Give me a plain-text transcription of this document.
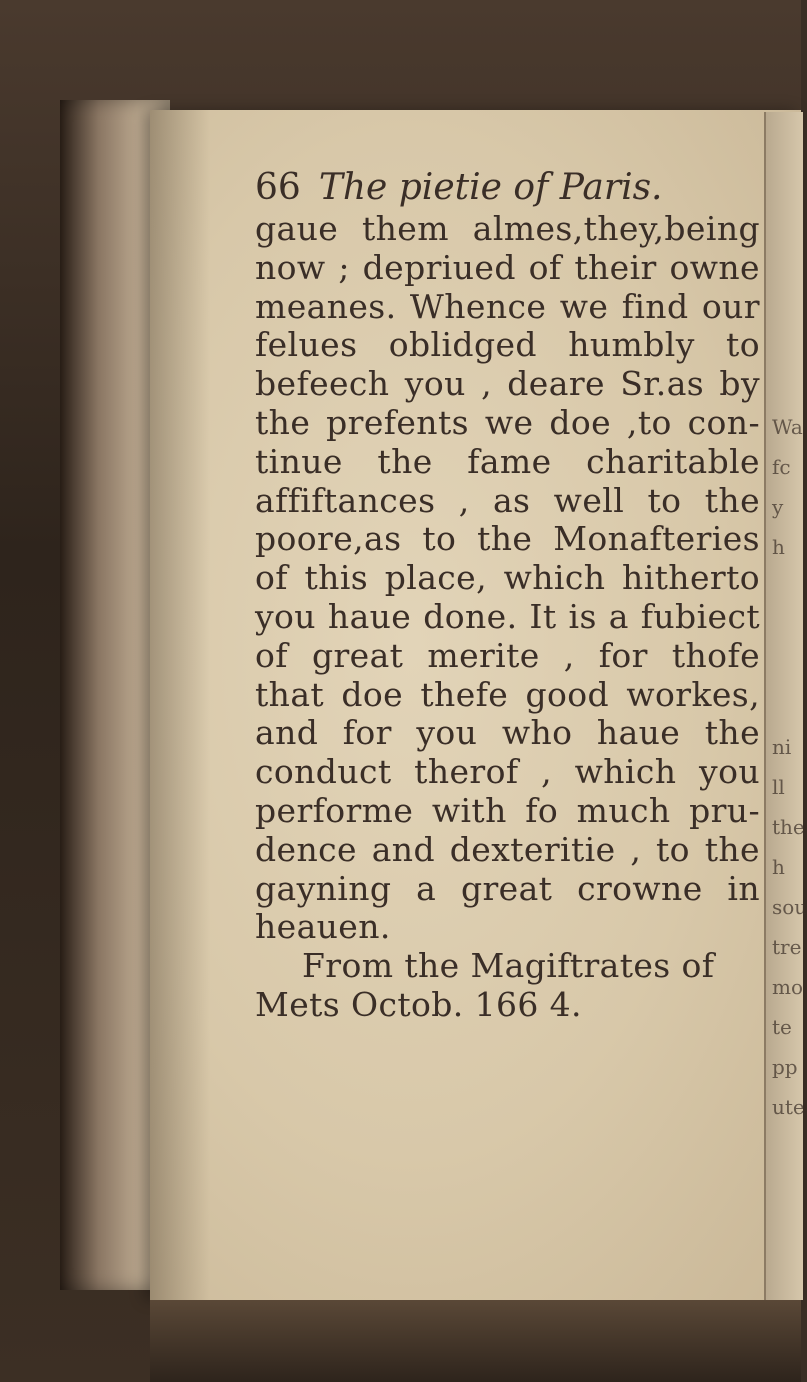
Wa
fc
y
h
ni
ll
the
h
sou
tre
mo
te
pp
ute
66 The pietie of Paris.
gaue them almes,they,being
now ; depriued of their owne
meanes. Whence we find our
felues oblidged humbly to
befeech you , deare Sr.as by
the prefents we doe ,to con-
tinue the fame charitable
affiftances , as well to the
poore,as to the Monafteries
of this place, which hitherto
you haue done. It is a fubiect
of great merite , for thofe
that doe thefe good workes,
and for you who haue the
conduct therof , which you
performe with fo much pru-
dence and dexteritie , to the
gayning a great crowne in
heauen.
From the Magiftrates of
Mets Octob. 166 4.
